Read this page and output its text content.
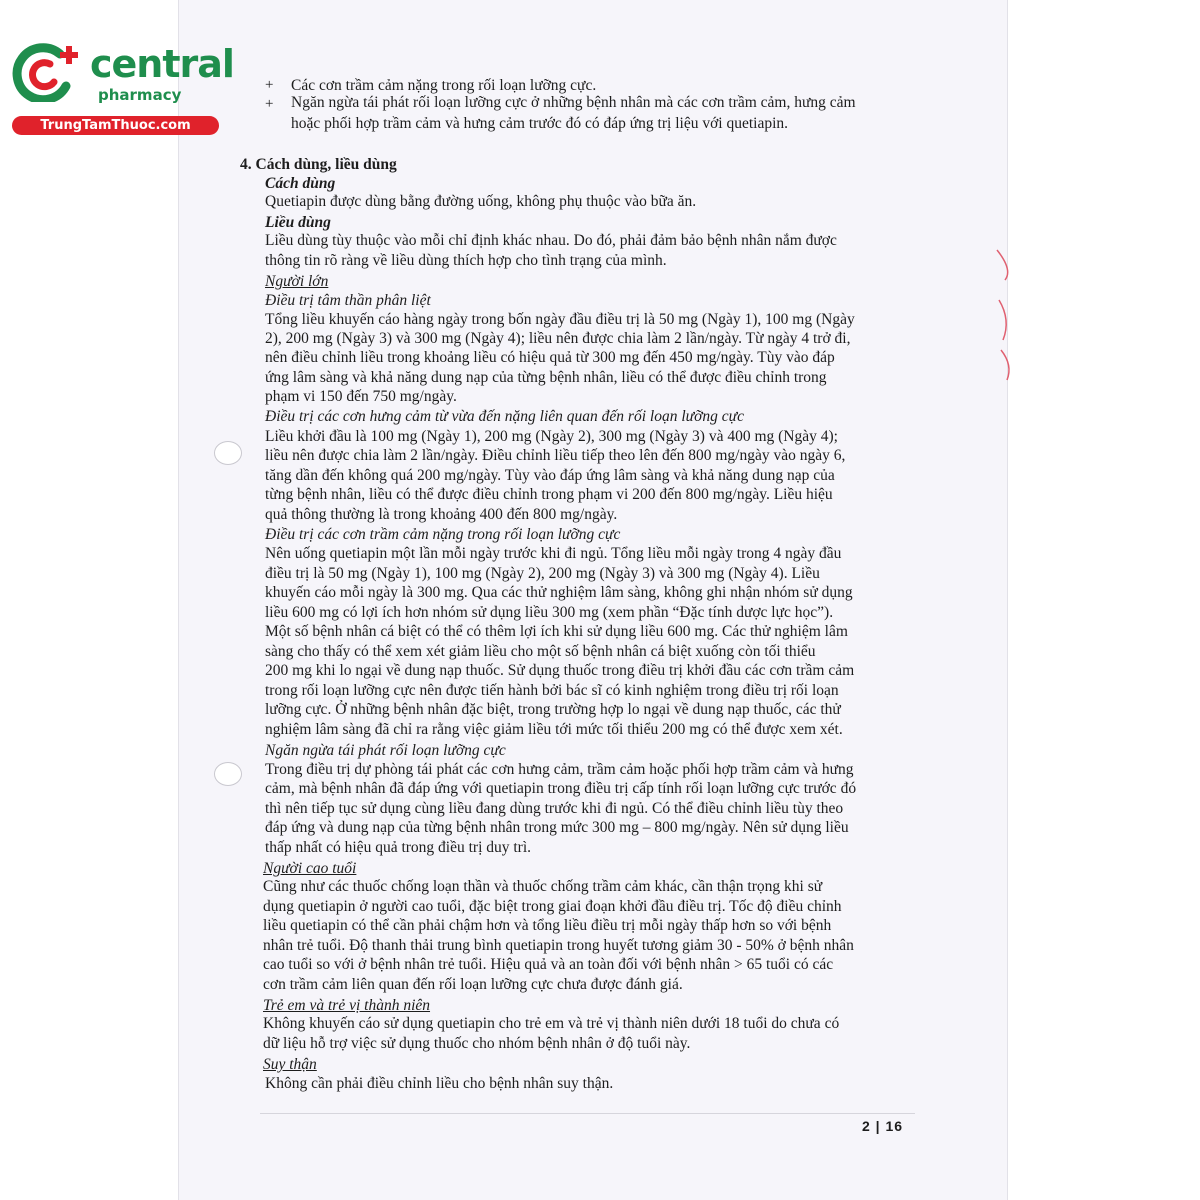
central
pharmacy
TrungTamThuoc.com
+ Các cơn trầm cảm nặng trong rối loạn lưỡng cực.
+ Ngăn ngừa tái phát rối loạn lưỡng cực ở những bệnh nhân mà các cơn trầm cảm, hưng cảm
hoặc phối hợp trầm cảm và hưng cảm trước đó có đáp ứng trị liệu với quetiapin.
4. Cách dùng, liều dùng
Cách dùng
Quetiapin được dùng bằng đường uống, không phụ thuộc vào bữa ăn.
Liều dùng
Liều dùng tùy thuộc vào mỗi chỉ định khác nhau. Do đó, phải đảm bảo bệnh nhân nắm được
thông tin rõ ràng về liều dùng thích hợp cho tình trạng của mình.
Người lớn
Điều trị tâm thần phân liệt
Tổng liều khuyến cáo hàng ngày trong bốn ngày đầu điều trị là 50 mg (Ngày 1), 100 mg (Ngày
2), 200 mg (Ngày 3) và 300 mg (Ngày 4); liều nên được chia làm 2 lần/ngày. Từ ngày 4 trở đi,
nên điều chỉnh liều trong khoảng liều có hiệu quả từ 300 mg đến 450 mg/ngày. Tùy vào đáp
ứng lâm sàng và khả năng dung nạp của từng bệnh nhân, liều có thể được điều chỉnh trong
phạm vi 150 đến 750 mg/ngày.
Điều trị các cơn hưng cảm từ vừa đến nặng liên quan đến rối loạn lưỡng cực
Liều khởi đầu là 100 mg (Ngày 1), 200 mg (Ngày 2), 300 mg (Ngày 3) và 400 mg (Ngày 4);
liều nên được chia làm 2 lần/ngày. Điều chỉnh liều tiếp theo lên đến 800 mg/ngày vào ngày 6,
tăng dần đến không quá 200 mg/ngày. Tùy vào đáp ứng lâm sàng và khả năng dung nạp của
từng bệnh nhân, liều có thể được điều chỉnh trong phạm vi 200 đến 800 mg/ngày. Liều hiệu
quả thông thường là trong khoảng 400 đến 800 mg/ngày.
Điều trị các cơn trầm cảm nặng trong rối loạn lưỡng cực
Nên uống quetiapin một lần mỗi ngày trước khi đi ngủ. Tổng liều mỗi ngày trong 4 ngày đầu
điều trị là 50 mg (Ngày 1), 100 mg (Ngày 2), 200 mg (Ngày 3) và 300 mg (Ngày 4). Liều
khuyến cáo mỗi ngày là 300 mg. Qua các thử nghiệm lâm sàng, không ghi nhận nhóm sử dụng
liều 600 mg có lợi ích hơn nhóm sử dụng liều 300 mg (xem phần “Đặc tính dược lực học”).
Một số bệnh nhân cá biệt có thể có thêm lợi ích khi sử dụng liều 600 mg. Các thử nghiệm lâm
sàng cho thấy có thể xem xét giảm liều cho một số bệnh nhân cá biệt xuống còn tối thiểu
200 mg khi lo ngại về dung nạp thuốc. Sử dụng thuốc trong điều trị khởi đầu các cơn trầm cảm
trong rối loạn lưỡng cực nên được tiến hành bởi bác sĩ có kinh nghiệm trong điều trị rối loạn
lưỡng cực. Ở những bệnh nhân đặc biệt, trong trường hợp lo ngại về dung nạp thuốc, các thử
nghiệm lâm sàng đã chỉ ra rằng việc giảm liều tới mức tối thiểu 200 mg có thể được xem xét.
Ngăn ngừa tái phát rối loạn lưỡng cực
Trong điều trị dự phòng tái phát các cơn hưng cảm, trầm cảm hoặc phối hợp trầm cảm và hưng
cảm, mà bệnh nhân đã đáp ứng với quetiapin trong điều trị cấp tính rối loạn lưỡng cực trước đó
thì nên tiếp tục sử dụng cùng liều đang dùng trước khi đi ngủ. Có thể điều chỉnh liều tùy theo
đáp ứng và dung nạp của từng bệnh nhân trong mức 300 mg – 800 mg/ngày. Nên sử dụng liều
thấp nhất có hiệu quả trong điều trị duy trì.
Người cao tuổi
Cũng như các thuốc chống loạn thần và thuốc chống trầm cảm khác, cần thận trọng khi sử
dụng quetiapin ở người cao tuổi, đặc biệt trong giai đoạn khởi đầu điều trị. Tốc độ điều chỉnh
liều quetiapin có thể cần phải chậm hơn và tổng liều điều trị mỗi ngày thấp hơn so với bệnh
nhân trẻ tuổi. Độ thanh thải trung bình quetiapin trong huyết tương giảm 30 - 50% ở bệnh nhân
cao tuổi so với ở bệnh nhân trẻ tuổi. Hiệu quả và an toàn đối với bệnh nhân > 65 tuổi có các
cơn trầm cảm liên quan đến rối loạn lưỡng cực chưa được đánh giá.
Trẻ em và trẻ vị thành niên
Không khuyến cáo sử dụng quetiapin cho trẻ em và trẻ vị thành niên dưới 18 tuổi do chưa có
dữ liệu hỗ trợ việc sử dụng thuốc cho nhóm bệnh nhân ở độ tuổi này.
Suy thận
Không cần phải điều chỉnh liều cho bệnh nhân suy thận.
2 | 16
